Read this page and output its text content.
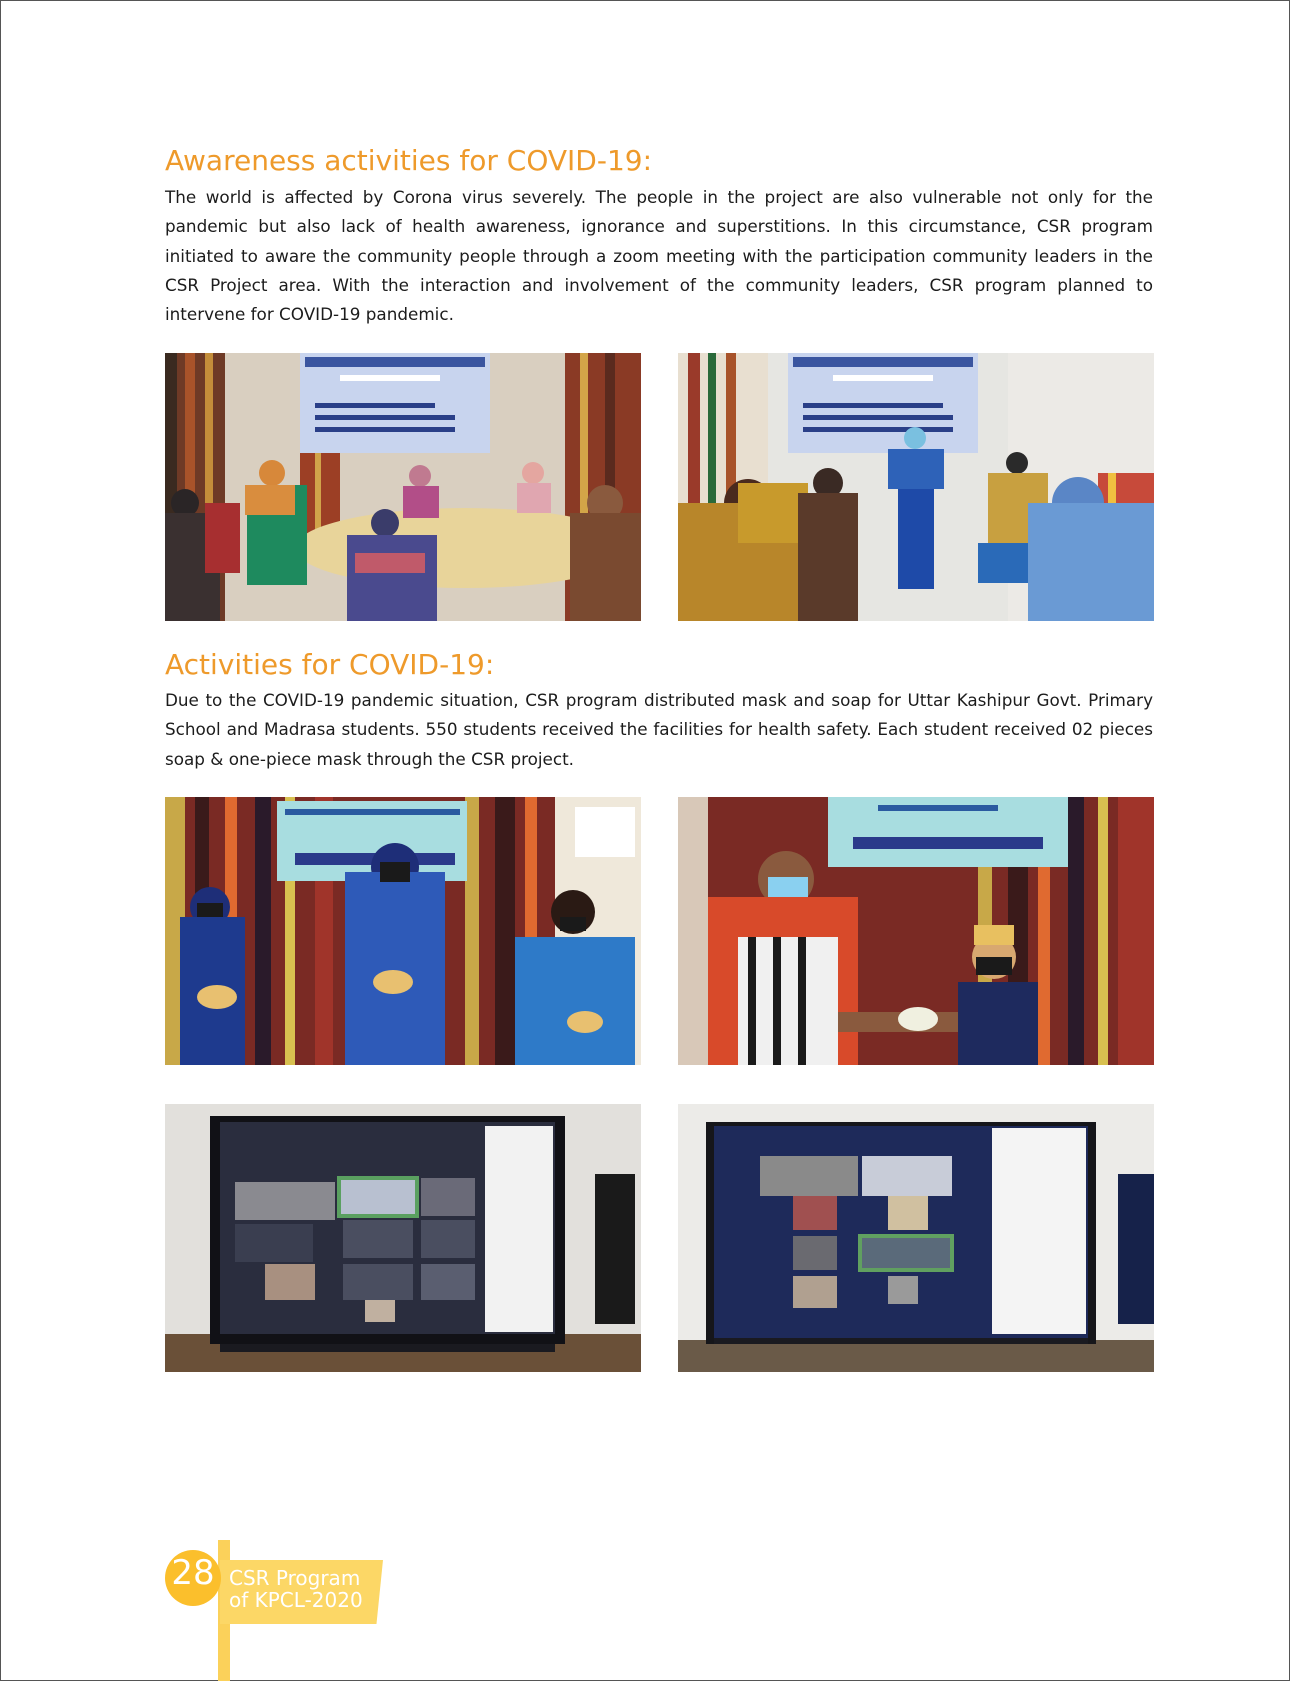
Awareness activities for COVID-19:

The world is affected by Corona virus severely. The people in the project are also vulnerable not only for the pandemic but also lack of health awareness, ignorance and superstitions. In this circumstance, CSR program initiated to aware the community people through a zoom meeting with the participation community leaders in the CSR Project area. With the interaction and involvement of the community leaders, CSR program planned to intervene for COVID-19 pandemic.

Activities for COVID-19:

Due to the COVID-19 pandemic situation, CSR program distributed mask and soap for Uttar Kashipur Govt. Primary School and Madrasa students. 550 students received the facilities for health safety. Each student received 02 pieces soap & one-piece mask through the CSR project.

28 CSR Program
of KPCL-2020
